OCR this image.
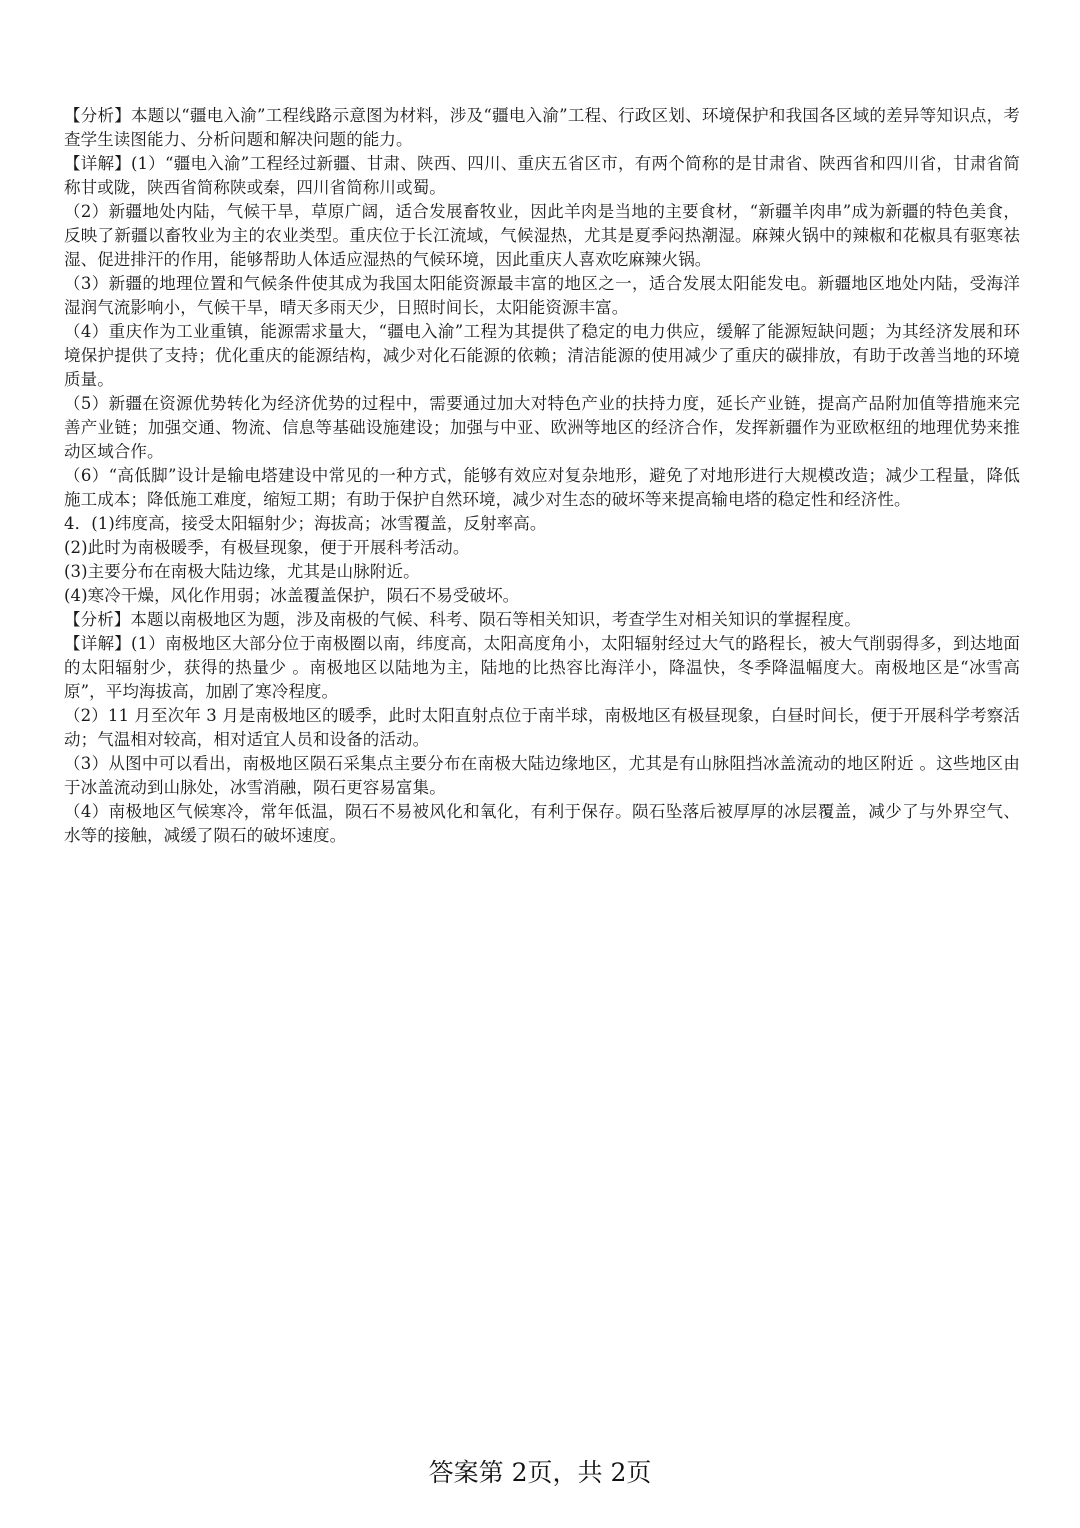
【分析】本题以“疆电入渝”工程线路示意图为材料，涉及“疆电入渝”工程、行政区划、环境保护和我国各区域的差异等知识点，考查学生读图能力、分析问题和解决问题的能力。

【详解】(1）“疆电入渝”工程经过新疆、甘肃、陕西、四川、重庆五省区市，有两个简称的是甘肃省、陕西省和四川省，甘肃省简称甘或陇，陕西省简称陕或秦，四川省简称川或蜀。

（2）新疆地处内陆，气候干旱，草原广阔，适合发展畜牧业，因此羊肉是当地的主要食材，“新疆羊肉串”成为新疆的特色美食，反映了新疆以畜牧业为主的农业类型。重庆位于长江流域，气候湿热，尤其是夏季闷热潮湿。麻辣火锅中的辣椒和花椒具有驱寒祛湿、促进排汗的作用，能够帮助人体适应湿热的气候环境，因此重庆人喜欢吃麻辣火锅。

（3）新疆的地理位置和气候条件使其成为我国太阳能资源最丰富的地区之一，适合发展太阳能发电。新疆地区地处内陆，受海洋湿润气流影响小，气候干旱，晴天多雨天少，日照时间长，太阳能资源丰富。

（4）重庆作为工业重镇，能源需求量大，“疆电入渝”工程为其提供了稳定的电力供应，缓解了能源短缺问题；为其经济发展和环境保护提供了支持；优化重庆的能源结构，减少对化石能源的依赖；清洁能源的使用减少了重庆的碳排放，有助于改善当地的环境质量。

（5）新疆在资源优势转化为经济优势的过程中，需要通过加大对特色产业的扶持力度，延长产业链，提高产品附加值等措施来完善产业链；加强交通、物流、信息等基础设施建设；加强与中亚、欧洲等地区的经济合作，发挥新疆作为亚欧枢纽的地理优势来推动区域合作。

（6）“高低脚”设计是输电塔建设中常见的一种方式，能够有效应对复杂地形，避免了对地形进行大规模改造；减少工程量，降低施工成本；降低施工难度，缩短工期；有助于保护自然环境，减少对生态的破坏等来提高输电塔的稳定性和经济性。

4．(1)纬度高，接受太阳辐射少；海拔高；冰雪覆盖，反射率高。

(2)此时为南极暖季，有极昼现象，便于开展科考活动。

(3)主要分布在南极大陆边缘，尤其是山脉附近。

(4)寒冷干燥，风化作用弱；冰盖覆盖保护，陨石不易受破坏。

【分析】本题以南极地区为题，涉及南极的气候、科考、陨石等相关知识，考查学生对相关知识的掌握程度。

【详解】(1）南极地区大部分位于南极圈以南，纬度高，太阳高度角小，太阳辐射经过大气的路程长，被大气削弱得多，到达地面的太阳辐射少，获得的热量少 。南极地区以陆地为主，陆地的比热容比海洋小，降温快，冬季降温幅度大。南极地区是“冰雪高原”，平均海拔高，加剧了寒冷程度。

（2）11 月至次年 3 月是南极地区的暖季，此时太阳直射点位于南半球，南极地区有极昼现象，白昼时间长，便于开展科学考察活动；气温相对较高，相对适宜人员和设备的活动。

（3）从图中可以看出，南极地区陨石采集点主要分布在南极大陆边缘地区，尤其是有山脉阻挡冰盖流动的地区附近 。这些地区由于冰盖流动到山脉处，冰雪消融，陨石更容易富集。

（4）南极地区气候寒冷，常年低温，陨石不易被风化和氧化，有利于保存。陨石坠落后被厚厚的冰层覆盖，减少了与外界空气、水等的接触，减缓了陨石的破坏速度。

答案第 2页，共 2页
